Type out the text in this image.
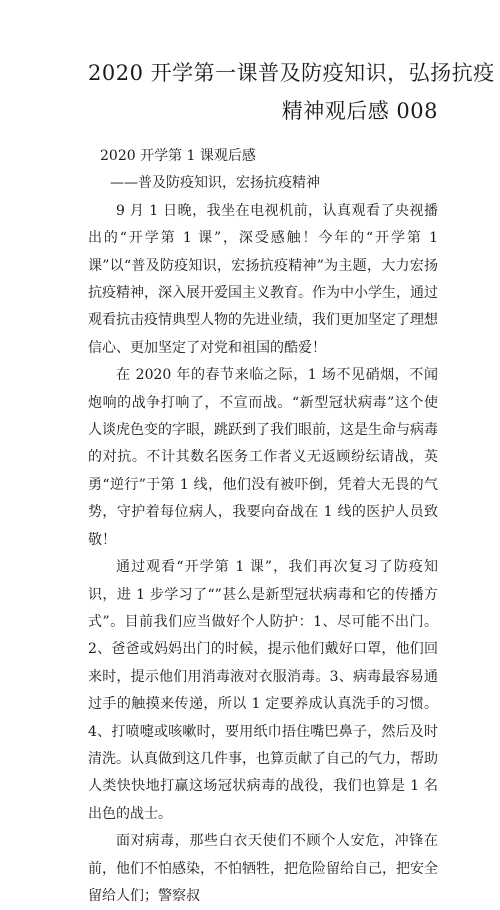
2020 开学第一课普及防疫知识，弘扬抗疫
精神观后感 008

2020 开学第 1 课观后感

——普及防疫知识，宏扬抗疫精神

9 月 1 日晚，我坐在电视机前，认真观看了央视播出的“开学第 1 课”，深受感触！今年的“开学第 1 课”以“普及防疫知识，宏扬抗疫精神”为主题，大力宏扬抗疫精神，深入展开爱国主义教育。作为中小学生，通过观看抗击疫情典型人物的先进业绩，我们更加坚定了理想信心、更加坚定了对党和祖国的酷爱！

在 2020 年的春节来临之际，1 场不见硝烟，不闻炮响的战争打响了，不宣而战。“新型冠状病毒”这个使人谈虎色变的字眼，跳跃到了我们眼前，这是生命与病毒的对抗。不计其数名医务工作者义无返顾纷纭请战，英勇“逆行”于第 1 线，他们没有被吓倒，凭着大无畏的气势，守护着每位病人，我要向奋战在 1 线的医护人员致敬！

通过观看“开学第 1 课”，我们再次复习了防疫知识，进 1 步学习了“”甚么是新型冠状病毒和它的传播方式”。目前我们应当做好个人防护：1、尽可能不出门。2、爸爸或妈妈出门的时候，提示他们戴好口罩，他们回来时，提示他们用消毒液对衣服消毒。3、病毒最容易通过手的触摸来传递，所以 1 定要养成认真洗手的习惯。4、打喷嚏或咳嗽时，要用纸巾捂住嘴巴鼻子，然后及时清洗。认真做到这几件事，也算贡献了自己的气力，帮助人类快快地打赢这场冠状病毒的战役，我们也算是 1 名出色的战士。

面对病毒，那些白衣天使们不顾个人安危，冲锋在前，他们不怕感染，不怕牺牲，把危险留给自己，把安全留给人们；警察叔
